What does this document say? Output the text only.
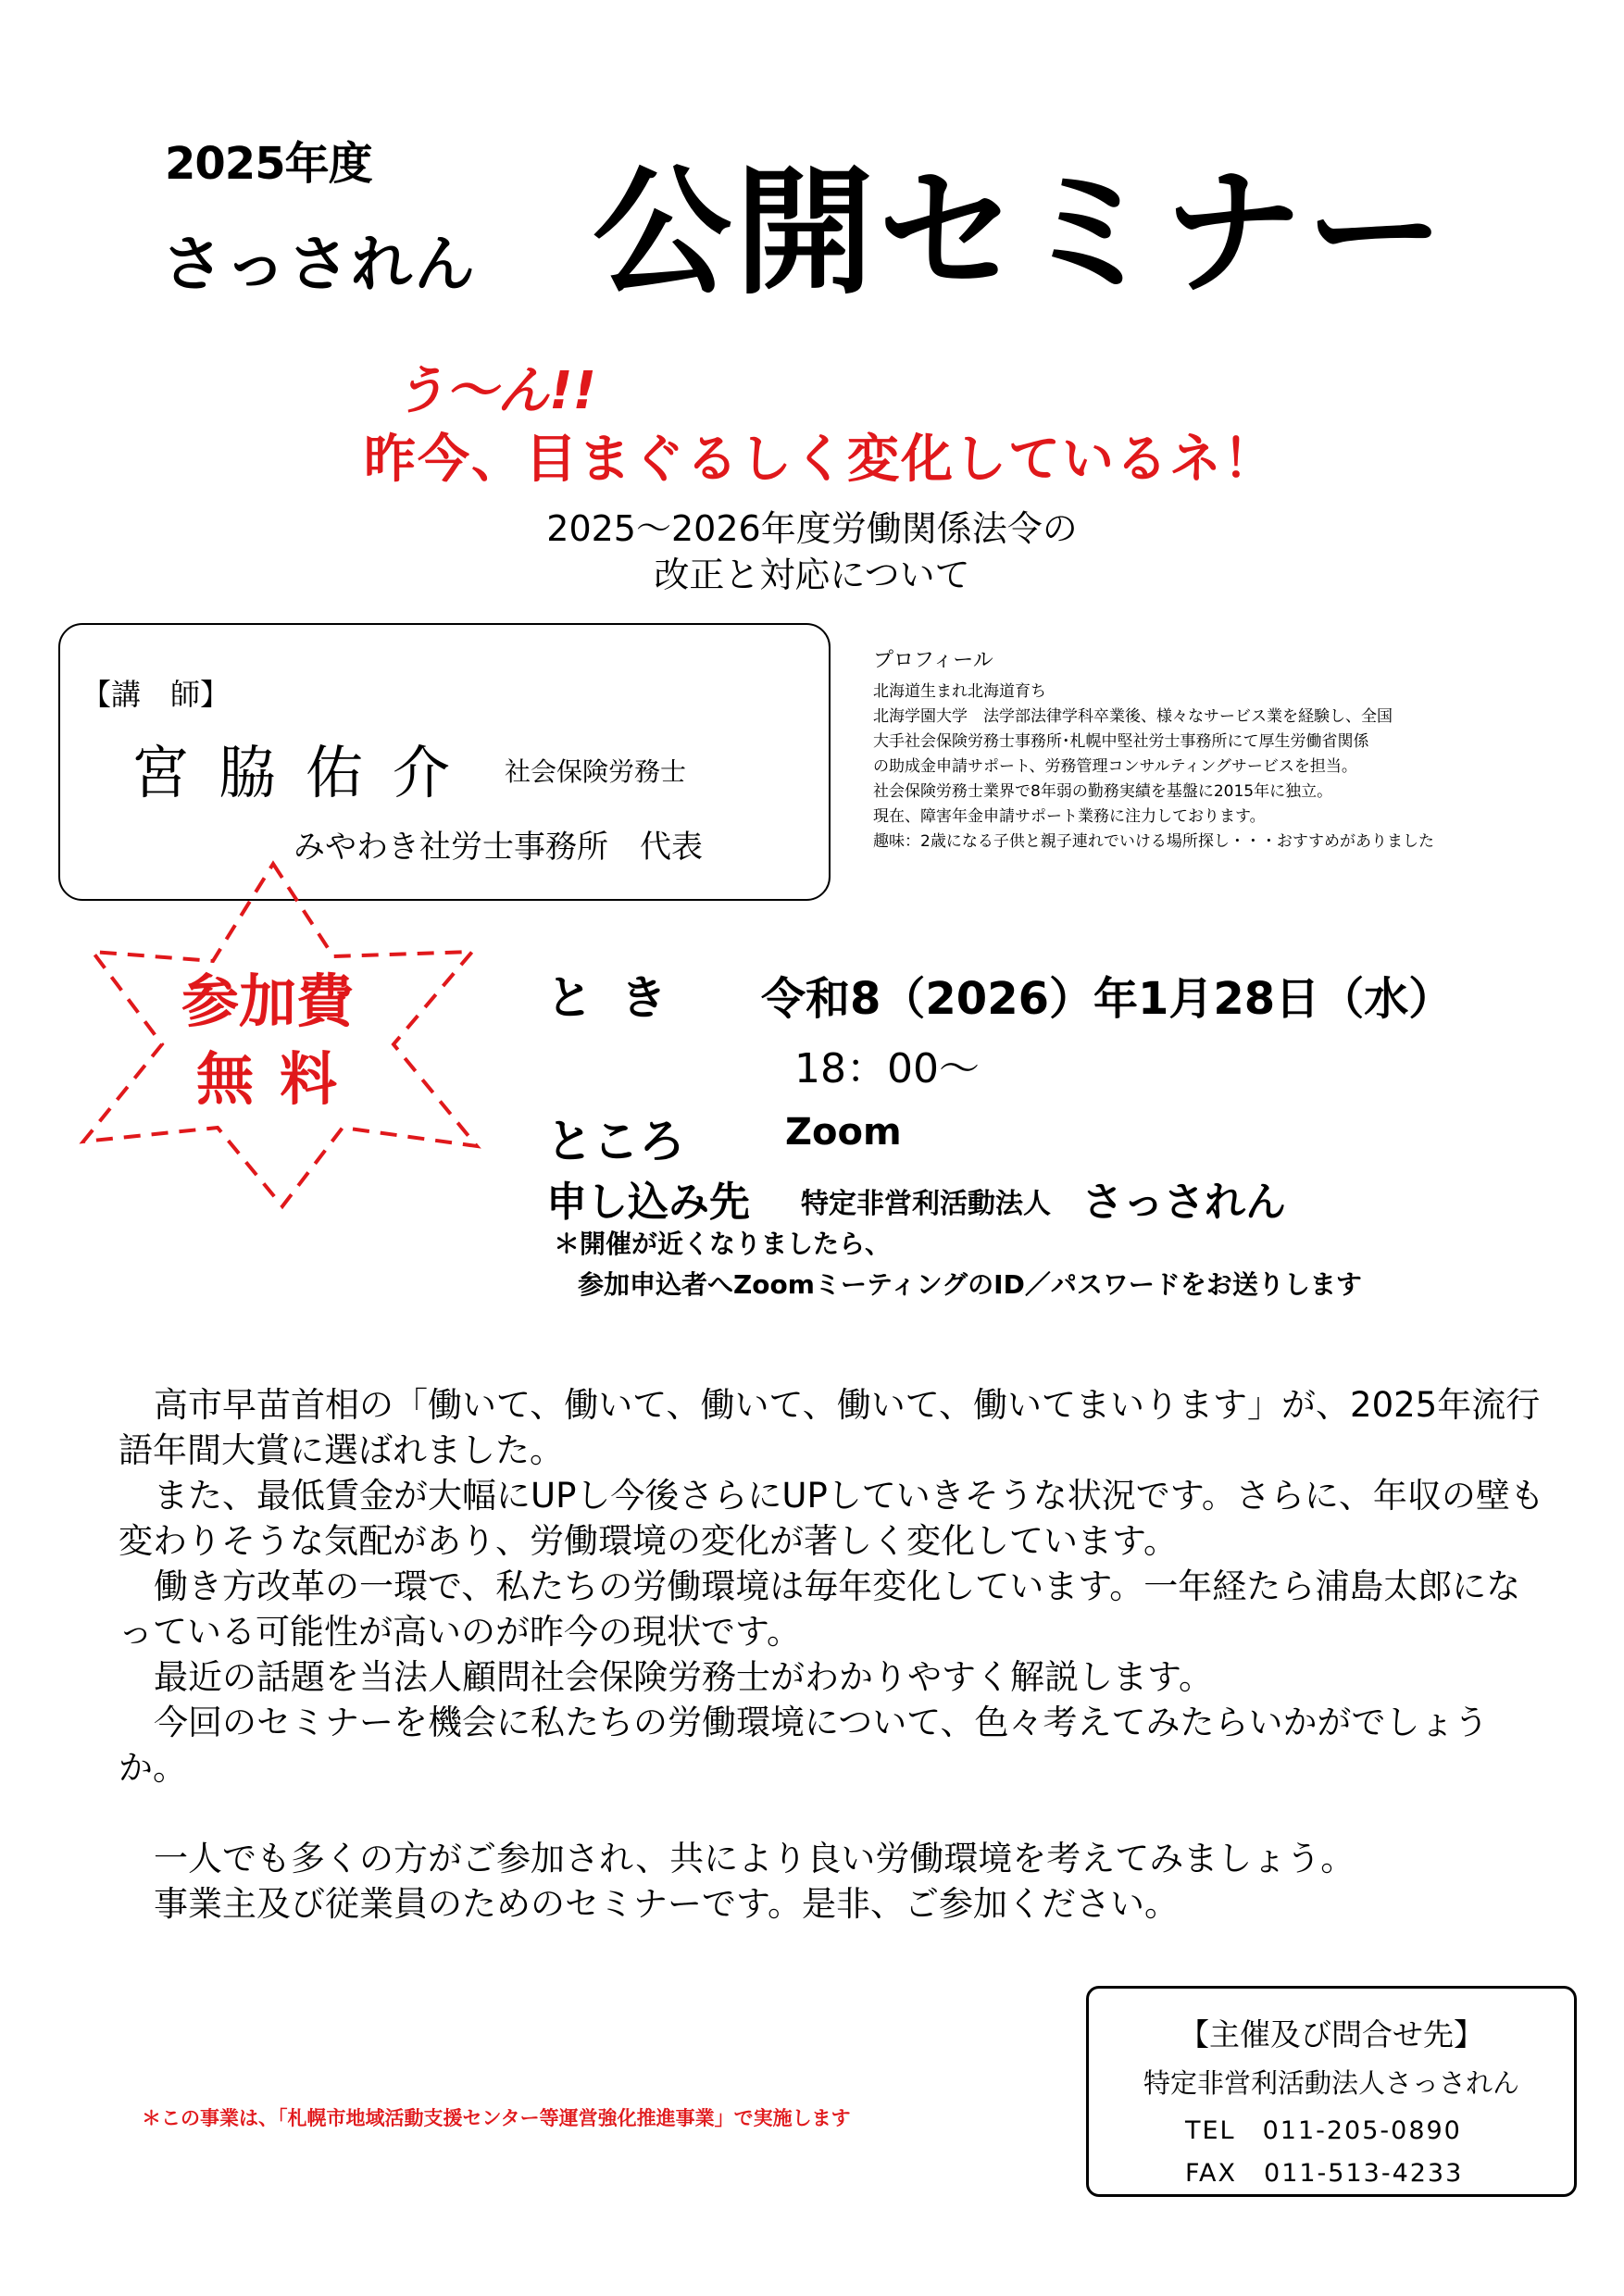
2025年度
さっされん 公開セミナー
う～ん!!
昨今、目まぐるしく変化しているネ！
2025～2026年度労働関係法令の
改正と対応について
【講　師】
宮脇佑介 社会保険労務士
みやわき社労士事務所　代表
プロフィール
北海道生まれ北海道育ち
北海学園大学　法学部法律学科卒業後、様々なサービス業を経験し、全国
大手社会保険労務士事務所･札幌中堅社労士事務所にて厚生労働省関係
の助成金申請サポート、労務管理コンサルティングサービスを担当。
社会保険労務士業界で8年弱の勤務実績を基盤に2015年に独立。
現在、障害年金申請サポート業務に注力しております。
趣味：2歳になる子供と親子連れでいける場所探し・・・おすすめがありました
参加費
無料
とき 令和8（2026）年1月28日（水）
18：00～
ところ	Zoom
申し込み先 特定非営利活動法人 さっされん
＊開催が近くなりましたら、
参加申込者へZoomミーティングのID／パスワードをお送りします

高市早苗首相の「働いて、働いて、働いて、働いて、働いてまいります」が、2025年流行語年間大賞に選ばれました。

また、最低賃金が大幅にUPし今後さらにUPしていきそうな状況です。さらに、年収の壁も変わりそうな気配があり、労働環境の変化が著しく変化しています。

働き方改革の一環で、私たちの労働環境は毎年変化しています。一年経たら浦島太郎になっている可能性が高いのが昨今の現状です。

最近の話題を当法人顧問社会保険労務士がわかりやすく解説します。

今回のセミナーを機会に私たちの労働環境について、色々考えてみたらいかがでしょうか。

一人でも多くの方がご参加され、共により良い労働環境を考えてみましょう。

事業主及び従業員のためのセミナーです。是非、ご参加ください。

＊この事業は、「札幌市地域活動支援センター等運営強化推進事業」で実施します
【主催及び問合せ先】
特定非営利活動法人さっされん
TEL　011-205-0890
FAX　011-513-4233
